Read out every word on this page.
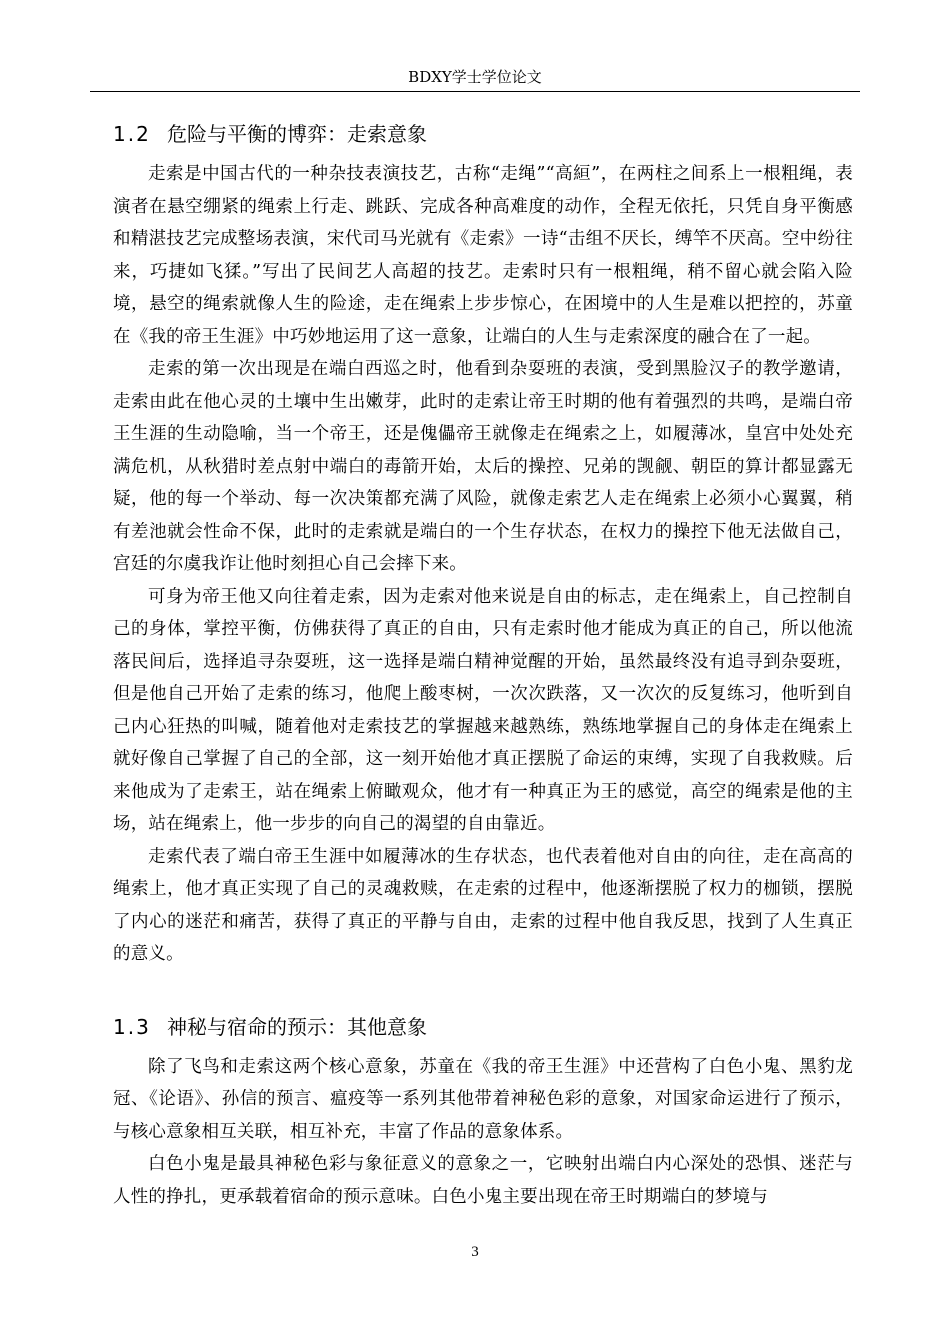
BDXY学士学位论文
1.2 危险与平衡的博弈：走索意象

走索是中国古代的一种杂技表演技艺，古称“走绳”“高絙”，在两柱之间系上一根粗绳，表演者在悬空绷紧的绳索上行走、跳跃、完成各种高难度的动作，全程无依托，只凭自身平衡感和精湛技艺完成整场表演，宋代司马光就有《走索》一诗“击组不厌长，缚竿不厌高。空中纷往来，巧捷如飞猱。”写出了民间艺人高超的技艺。走索时只有一根粗绳，稍不留心就会陷入险境，悬空的绳索就像人生的险途，走在绳索上步步惊心，在困境中的人生是难以把控的，苏童在《我的帝王生涯》中巧妙地运用了这一意象，让端白的人生与走索深度的融合在了一起。

走索的第一次出现是在端白西巡之时，他看到杂耍班的表演，受到黑脸汉子的教学邀请，走索由此在他心灵的土壤中生出嫩芽，此时的走索让帝王时期的他有着强烈的共鸣，是端白帝王生涯的生动隐喻，当一个帝王，还是傀儡帝王就像走在绳索之上，如履薄冰，皇宫中处处充满危机，从秋猎时差点射中端白的毒箭开始，太后的操控、兄弟的觊觎、朝臣的算计都显露无疑，他的每一个举动、每一次决策都充满了风险，就像走索艺人走在绳索上必须小心翼翼，稍有差池就会性命不保，此时的走索就是端白的一个生存状态，在权力的操控下他无法做自己，宫廷的尔虞我诈让他时刻担心自己会摔下来。

可身为帝王他又向往着走索，因为走索对他来说是自由的标志，走在绳索上，自己控制自己的身体，掌控平衡，仿佛获得了真正的自由，只有走索时他才能成为真正的自己，所以他流落民间后，选择追寻杂耍班，这一选择是端白精神觉醒的开始，虽然最终没有追寻到杂耍班，但是他自己开始了走索的练习，他爬上酸枣树，一次次跌落，又一次次的反复练习，他听到自己内心狂热的叫喊，随着他对走索技艺的掌握越来越熟练，熟练地掌握自己的身体走在绳索上就好像自己掌握了自己的全部，这一刻开始他才真正摆脱了命运的束缚，实现了自我救赎。后来他成为了走索王，站在绳索上俯瞰观众，他才有一种真正为王的感觉，高空的绳索是他的主场，站在绳索上，他一步步的向自己的渴望的自由靠近。

走索代表了端白帝王生涯中如履薄冰的生存状态，也代表着他对自由的向往，走在高高的绳索上，他才真正实现了自己的灵魂救赎，在走索的过程中，他逐渐摆脱了权力的枷锁，摆脱了内心的迷茫和痛苦，获得了真正的平静与自由，走索的过程中他自我反思，找到了人生真正的意义。

1.3 神秘与宿命的预示：其他意象

除了飞鸟和走索这两个核心意象，苏童在《我的帝王生涯》中还营构了白色小鬼、黑豹龙冠、《论语》、孙信的预言、瘟疫等一系列其他带着神秘色彩的意象，对国家命运进行了预示，与核心意象相互关联，相互补充，丰富了作品的意象体系。

白色小鬼是最具神秘色彩与象征意义的意象之一，它映射出端白内心深处的恐惧、迷茫与人性的挣扎，更承载着宿命的预示意味。白色小鬼主要出现在帝王时期端白的梦境与

3
